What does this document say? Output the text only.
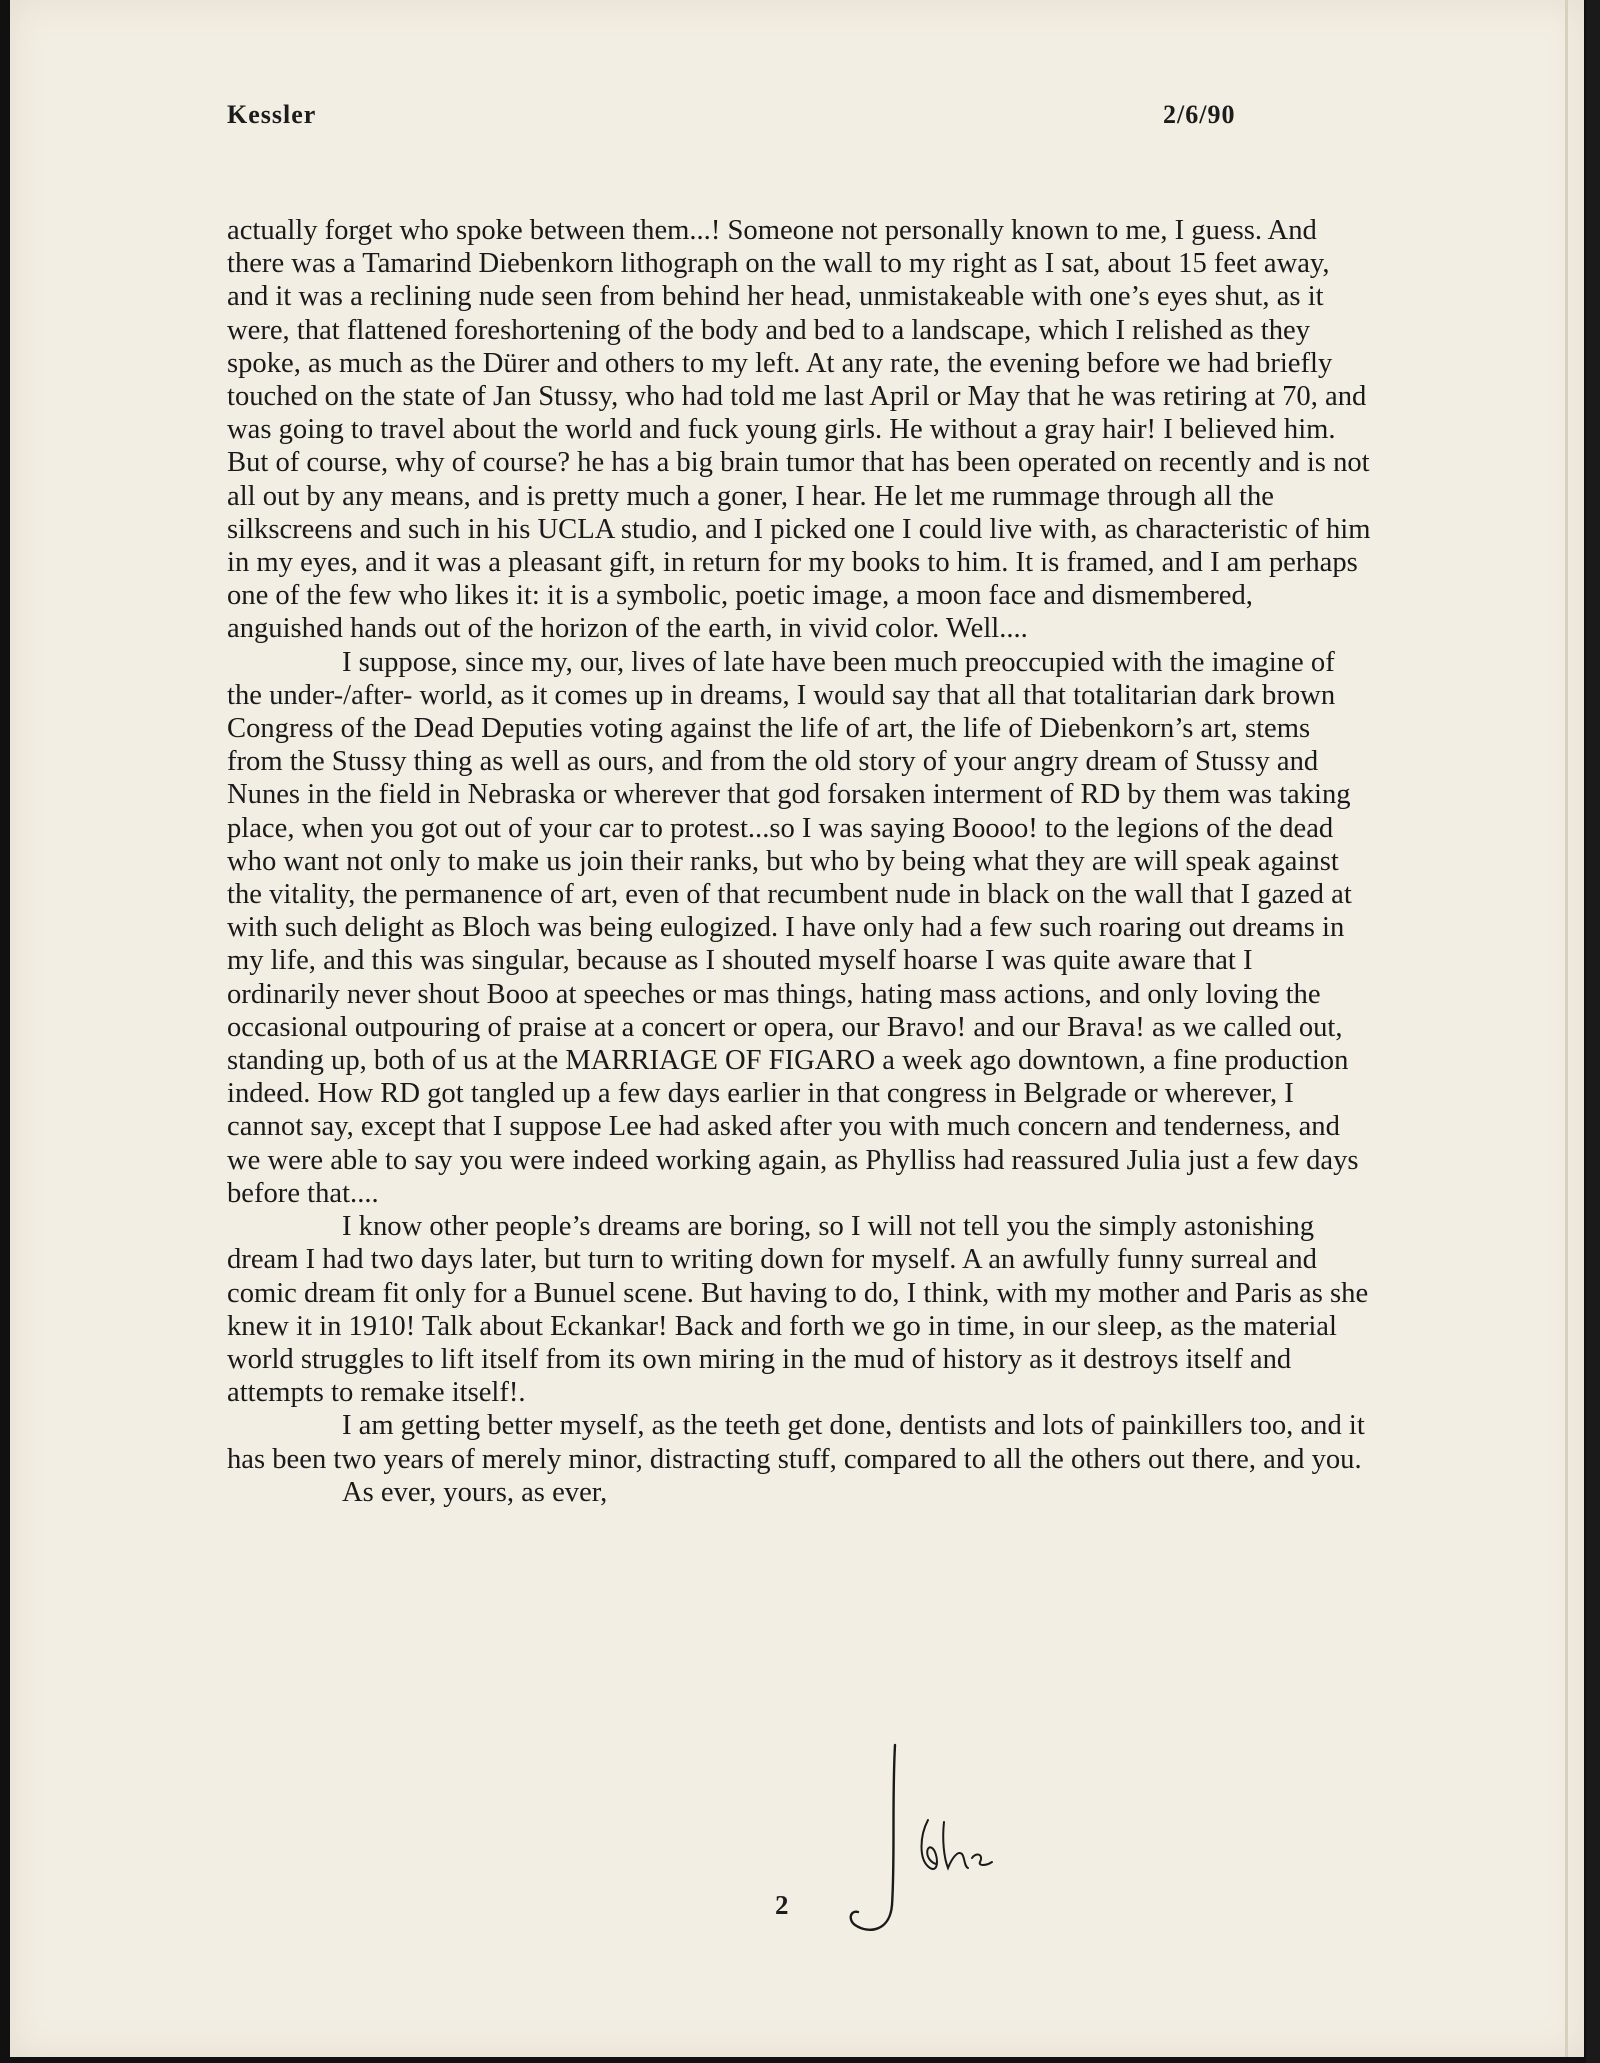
Kessler	2/6/90

actually forget who spoke between them...! Someone not personally known to me, I guess. And there was a Tamarind Diebenkorn lithograph on the wall to my right as I sat, about 15 feet away, and it was a reclining nude seen from behind her head, unmistakeable with one’s eyes shut, as it were, that flattened foreshortening of the body and bed to a landscape, which I relished as they spoke, as much as the Dürer and others to my left. At any rate, the evening before we had briefly touched on the state of Jan Stussy, who had told me last April or May that he was retiring at 70, and was going to travel about the world and fuck young girls. He without a gray hair! I believed him. But of course, why of course? he has a big brain tumor that has been operated on recently and is not all out by any means, and is pretty much a goner, I hear. He let me rummage through all the silkscreens and such in his UCLA studio, and I picked one I could live with, as characteristic of him in my eyes, and it was a pleasant gift, in return for my books to him. It is framed, and I am perhaps one of the few who likes it: it is a symbolic, poetic image, a moon face and dismembered, anguished hands out of the horizon of the earth, in vivid color. Well....

I suppose, since my, our, lives of late have been much preoccupied with the imagine of the under-/after- world, as it comes up in dreams, I would say that all that totalitarian dark brown Congress of the Dead Deputies voting against the life of art, the life of Diebenkorn’s art, stems from the Stussy thing as well as ours, and from the old story of your angry dream of Stussy and Nunes in the field in Nebraska or wherever that god forsaken interment of RD by them was taking place, when you got out of your car to protest...so I was saying Boooo! to the legions of the dead who want not only to make us join their ranks, but who by being what they are will speak against the vitality, the permanence of art, even of that recumbent nude in black on the wall that I gazed at with such delight as Bloch was being eulogized. I have only had a few such roaring out dreams in my life, and this was singular, because as I shouted myself hoarse I was quite aware that I ordinarily never shout Booo at speeches or mas things, hating mass actions, and only loving the occasional outpouring of praise at a concert or opera, our Bravo! and our Brava! as we called out, standing up, both of us at the MARRIAGE OF FIGARO a week ago downtown, a fine production indeed. How RD got tangled up a few days earlier in that congress in Belgrade or wherever, I cannot say, except that I suppose Lee had asked after you with much concern and tenderness, and we were able to say you were indeed working again, as Phylliss had reassured Julia just a few days before that....

I know other people’s dreams are boring, so I will not tell you the simply astonishing dream I had two days later, but turn to writing down for myself. A an awfully funny surreal and comic dream fit only for a Bunuel scene. But having to do, I think, with my mother and Paris as she knew it in 1910! Talk about Eckankar! Back and forth we go in time, in our sleep, as the material world struggles to lift itself from its own miring in the mud of history as it destroys itself and attempts to remake itself!.

I am getting better myself, as the teeth get done, dentists and lots of painkillers too, and it has been two years of merely minor, distracting stuff, compared to all the others out there, and you.

As ever, yours, as ever,

2
